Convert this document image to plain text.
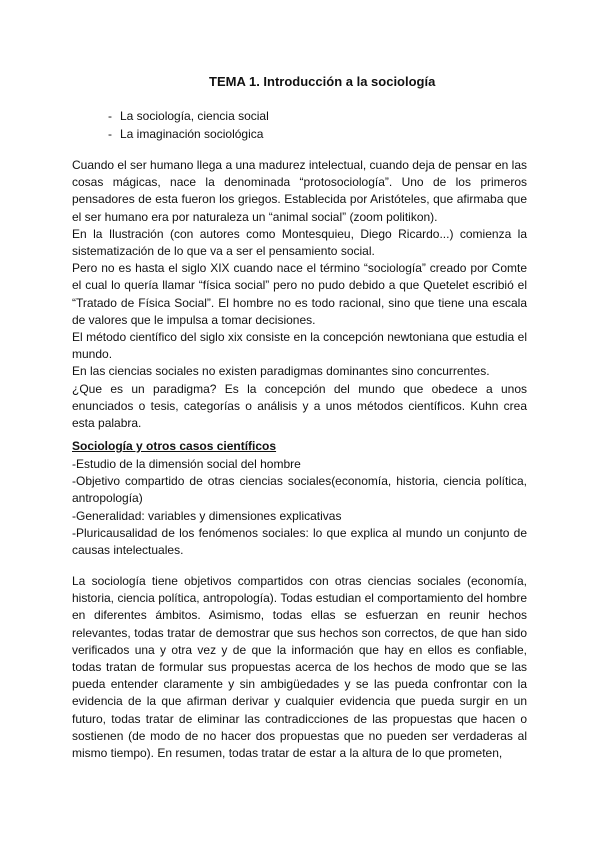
TEMA 1. Introducción a la sociología
- La sociología, ciencia social
- La imaginación sociológica

Cuando el ser humano llega a una madurez intelectual, cuando deja de pensar en las cosas mágicas, nace la denominada “protosociología”. Uno de los primeros pensadores de esta fueron los griegos. Establecida por Aristóteles, que afirmaba que el ser humano era por naturaleza un “animal social” (zoom politikon).

En la Ilustración (con autores como Montesquieu, Diego Ricardo...) comienza la sistematización de lo que va a ser el pensamiento social.

Pero no es hasta el siglo XIX cuando nace el término “sociología” creado por Comte el cual lo quería llamar “física social” pero no pudo debido a que Quetelet escribió el “Tratado de Física Social”. El hombre no es todo racional, sino que tiene una escala de valores que le impulsa a tomar decisiones.

El método científico del siglo xix consiste en la concepción newtoniana que estudia el mundo.

En las ciencias sociales no existen paradigmas dominantes sino concurrentes.

¿Que es un paradigma? Es la concepción del mundo que obedece a unos enunciados o tesis, categorías o análisis y a unos métodos científicos. Kuhn crea esta palabra.

Sociología y otros casos científicos

-Estudio de la dimensión social del hombre

-Objetivo compartido de otras ciencias sociales(economía, historia, ciencia política, antropología)

-Generalidad: variables y dimensiones explicativas

-Pluricausalidad de los fenómenos sociales: lo que explica al mundo un conjunto de causas intelectuales.

La sociología tiene objetivos compartidos con otras ciencias sociales (economía, historia, ciencia política, antropología). Todas estudian el comportamiento del hombre en diferentes ámbitos. Asimismo, todas ellas se esfuerzan en reunir hechos relevantes, todas tratar de demostrar que sus hechos son correctos, de que han sido verificados una y otra vez y de que la información que hay en ellos es confiable, todas tratan de formular sus propuestas acerca de los hechos de modo que se las pueda entender claramente y sin ambigüedades y se las pueda confrontar con la evidencia de la que afirman derivar y cualquier evidencia que pueda surgir en un futuro, todas tratar de eliminar las contradicciones de las propuestas que hacen o sostienen (de modo de no hacer dos propuestas que no pueden ser verdaderas al mismo tiempo). En resumen, todas tratar de estar a la altura de lo que prometen,
